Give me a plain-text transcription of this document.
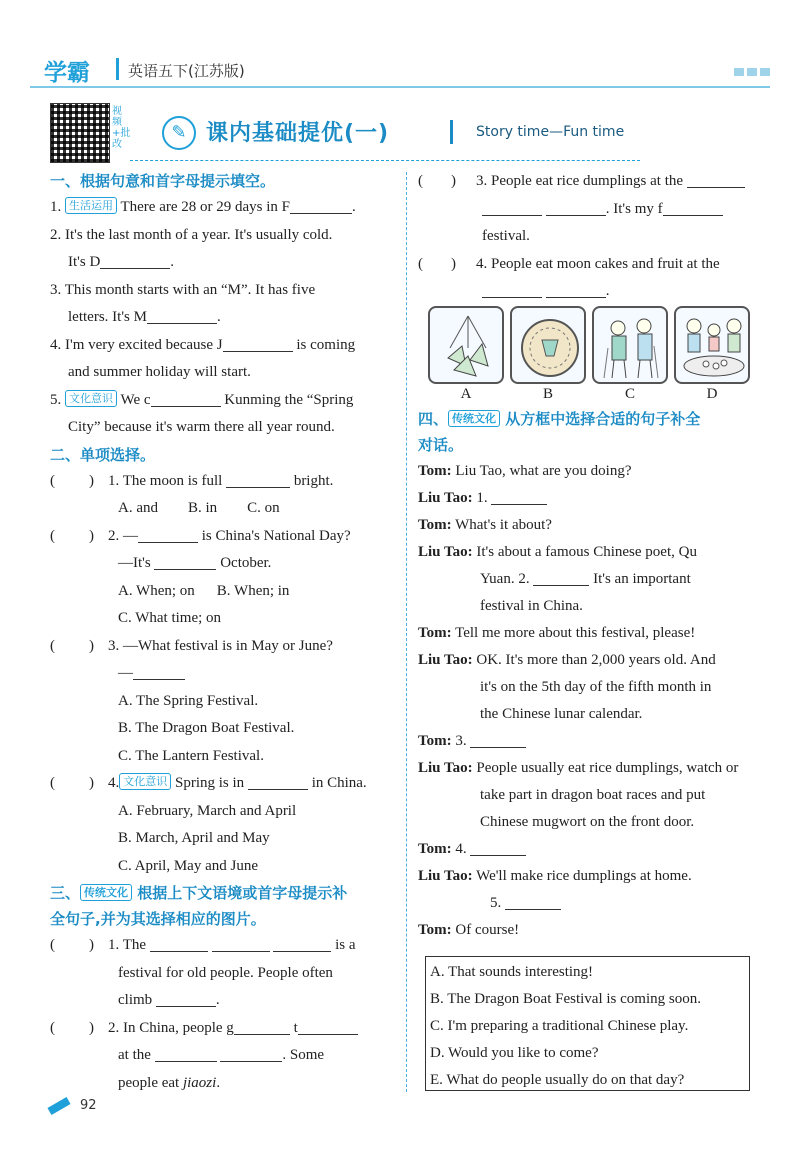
学霸	英语五下(江苏版)
视频+批改
✎ 课内基础提优(一)	Story time—Fun time
一、根据句意和首字母提示填空。
1. 生活运用 There are 28 or 29 days in F	.
2. It's the last month of a year. It's usually cold.
It's D	.
3. This month starts with an “M”. It has five
letters. It's M	.
4. I'm very excited because J	is coming
and summer holiday will start.
5. 文化意识 We c	Kunming the “Spring
City” because it's warm there all year round.
二、单项选择。
( ) 1. The moon is full	bright.
A. and        B. in        C. on
( ) 2. —	is China's National Day?
—It's	October.
A. When; on B. When; in
C. What time; on
( ) 3. —What festival is in May or June?
—
A. The Spring Festival.
B. The Dragon Boat Festival.
C. The Lantern Festival.
( ) 4. 文化意识 Spring is in	in China.
A. February, March and April
B. March, April and May
C. April, May and June
三、 传统文化 根据上下文语境或首字母提示补
全句子,并为其选择相应的图片。
( ) 1. The	is a
festival for old people. People often
climb	.
( ) 2. In China, people g	t
at the	. Some
people eat jiaozi.
( ) 3. People eat rice dumplings at the
. It's my f
festival.
( ) 4. People eat moon cakes and fruit at the
.
A	B	C	D
四、 传统文化 从方框中选择合适的句子补全
对话。
Tom: Liu Tao, what are you doing?
Liu Tao: 1.
Tom: What's it about?
Liu Tao: It's about a famous Chinese poet, Qu
Yuan. 2.	It's an important
festival in China.
Tom: Tell me more about this festival, please!
Liu Tao: OK. It's more than 2,000 years old. And
it's on the 5th day of the fifth month in
the Chinese lunar calendar.
Tom: 3.
Liu Tao: People usually eat rice dumplings, watch or
take part in dragon boat races and put
Chinese mugwort on the front door.
Tom: 4.
Liu Tao: We'll make rice dumplings at home.
5.
Tom: Of course!
A. That sounds interesting!
B. The Dragon Boat Festival is coming soon.
C. I'm preparing a traditional Chinese play.
D. Would you like to come?
E. What do people usually do on that day?
92
